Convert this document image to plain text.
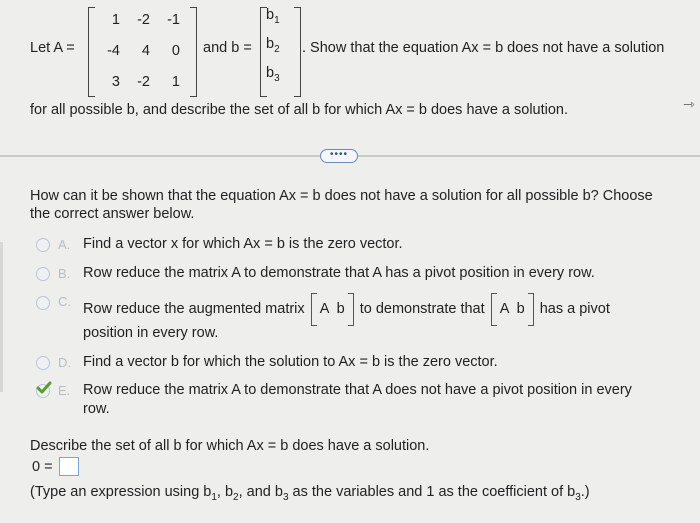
Let A =
1	-2	-1
-4	4	0
3	-2	1
and b =
$b_1$
$b_2$
$b_3$
. Show that the equation Ax = b does not have a solution
for all possible b, and describe the set of all b for which Ax = b does have a solution.	⇾
••••
How can it be shown that the equation Ax = b does not have a solution for all possible b? Choose
the correct answer below.
A. Find a vector x for which Ax = b is the zero vector.
B. Row reduce the matrix A to demonstrate that A has a pivot position in every row.
C. Row reduce the augmented matrix A  b to demonstrate that A  b has a pivot
position in every row.
D. Find a vector b for which the solution to Ax = b is the zero vector.
E. Row reduce the matrix A to demonstrate that A does not have a pivot position in every
row.
Describe the set of all b for which Ax = b does have a solution.
0 =
(Type an expression using $b_1$, $b_2$, and $b_3$ as the variables and 1 as the coefficient of $b_3$.)
